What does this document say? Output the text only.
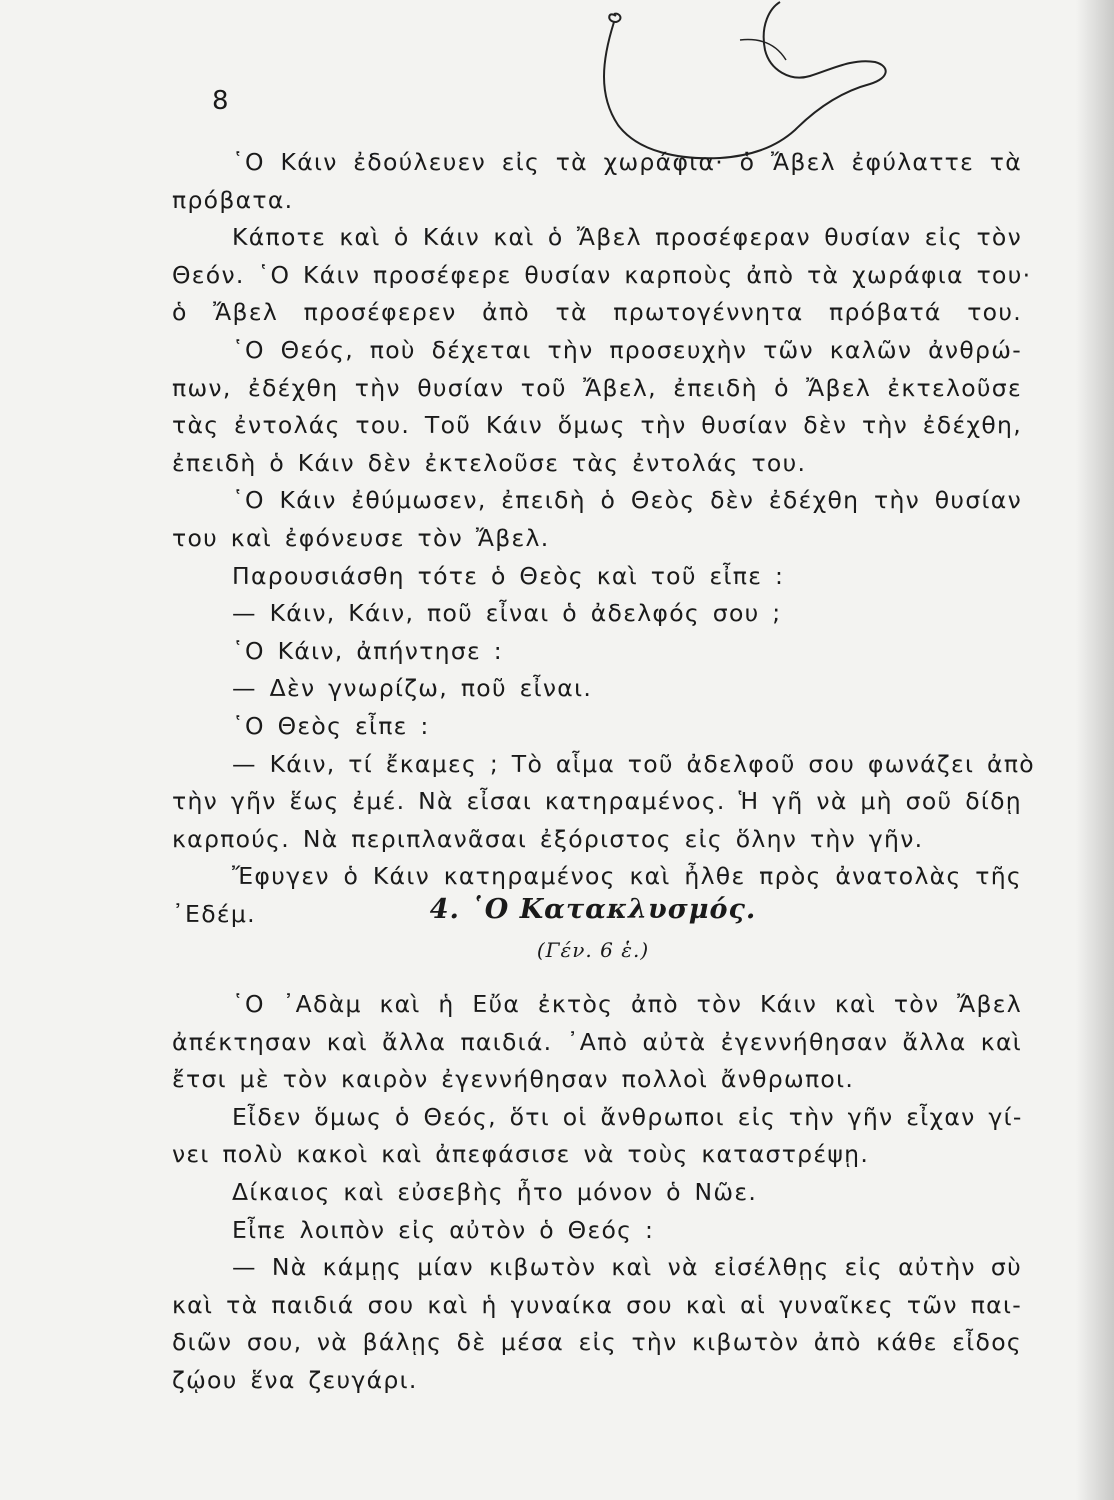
8
῾Ο Κάιν ἐδούλευεν εἰς τὰ χωράφια· ὁ Ἄβελ ἐφύλαττε τὰ
πρόβατα.
Κάποτε καὶ ὁ Κάιν καὶ ὁ Ἄβελ προσέφεραν θυσίαν εἰς τὸν
Θεόν. ῾Ο Κάιν προσέφερε θυσίαν καρποὺς ἀπὸ τὰ χωράφια του·
ὁ Ἄβελ προσέφερεν ἀπὸ τὰ πρωτογέννητα πρόβατά του.
῾Ο Θεός, ποὺ δέχεται τὴν προσευχὴν τῶν καλῶν ἀνθρώ-
πων, ἐδέχθη τὴν θυσίαν τοῦ Ἄβελ, ἐπειδὴ ὁ Ἄβελ ἐκτελοῦσε
τὰς ἐντολάς του. Τοῦ Κάιν ὅμως τὴν θυσίαν δὲν τὴν ἐδέχθη,
ἐπειδὴ ὁ Κάιν δὲν ἐκτελοῦσε τὰς ἐντολάς του.
῾Ο Κάιν ἐθύμωσεν, ἐπειδὴ ὁ Θεὸς δὲν ἐδέχθη τὴν θυσίαν
του καὶ ἐφόνευσε τὸν Ἄβελ.
Παρουσιάσθη τότε ὁ Θεὸς καὶ τοῦ εἶπε :
— Κάιν, Κάιν, ποῦ εἶναι ὁ ἀδελφός σου ;
῾Ο Κάιν, ἀπήντησε :
— Δὲν γνωρίζω, ποῦ εἶναι.
῾Ο Θεὸς εἶπε :
— Κάιν, τί ἔκαμες ; Τὸ αἷμα τοῦ ἀδελφοῦ σου φωνάζει ἀπὸ
τὴν γῆν ἕως ἐμέ. Νὰ εἶσαι κατηραμένος. Ἡ γῆ νὰ μὴ σοῦ δίδῃ
καρπούς. Νὰ περιπλανᾶσαι ἐξόριστος εἰς ὅλην τὴν γῆν.
Ἔφυγεν ὁ Κάιν κατηραμένος καὶ ἦλθε πρὸς ἀνατολὰς τῆς
᾿Εδέμ.	4. ῾Ο Κατακλυσμός.
(Γέν. 6 ἑ.)
῾Ο ᾿Αδὰμ καὶ ἡ Εὔα ἐκτὸς ἀπὸ τὸν Κάιν καὶ τὸν Ἄβελ
ἀπέκτησαν καὶ ἄλλα παιδιά. ᾿Απὸ αὐτὰ ἐγεννήθησαν ἄλλα καὶ
ἔτσι μὲ τὸν καιρὸν ἐγεννήθησαν πολλοὶ ἄνθρωποι.
Εἶδεν ὅμως ὁ Θεός, ὅτι οἱ ἄνθρωποι εἰς τὴν γῆν εἶχαν γί-
νει πολὺ κακοὶ καὶ ἀπεφάσισε νὰ τοὺς καταστρέψῃ.
Δίκαιος καὶ εὐσεβὴς ἦτο μόνον ὁ Νῶε.
Εἶπε λοιπὸν εἰς αὐτὸν ὁ Θεός :
— Νὰ κάμῃς μίαν κιβωτὸν καὶ νὰ εἰσέλθῃς εἰς αὐτὴν σὺ
καὶ τὰ παιδιά σου καὶ ἡ γυναίκα σου καὶ αἱ γυναῖκες τῶν παι-
διῶν σου, νὰ βάλῃς δὲ μέσα εἰς τὴν κιβωτὸν ἀπὸ κάθε εἶδος
ζῴου ἕνα ζευγάρι.
